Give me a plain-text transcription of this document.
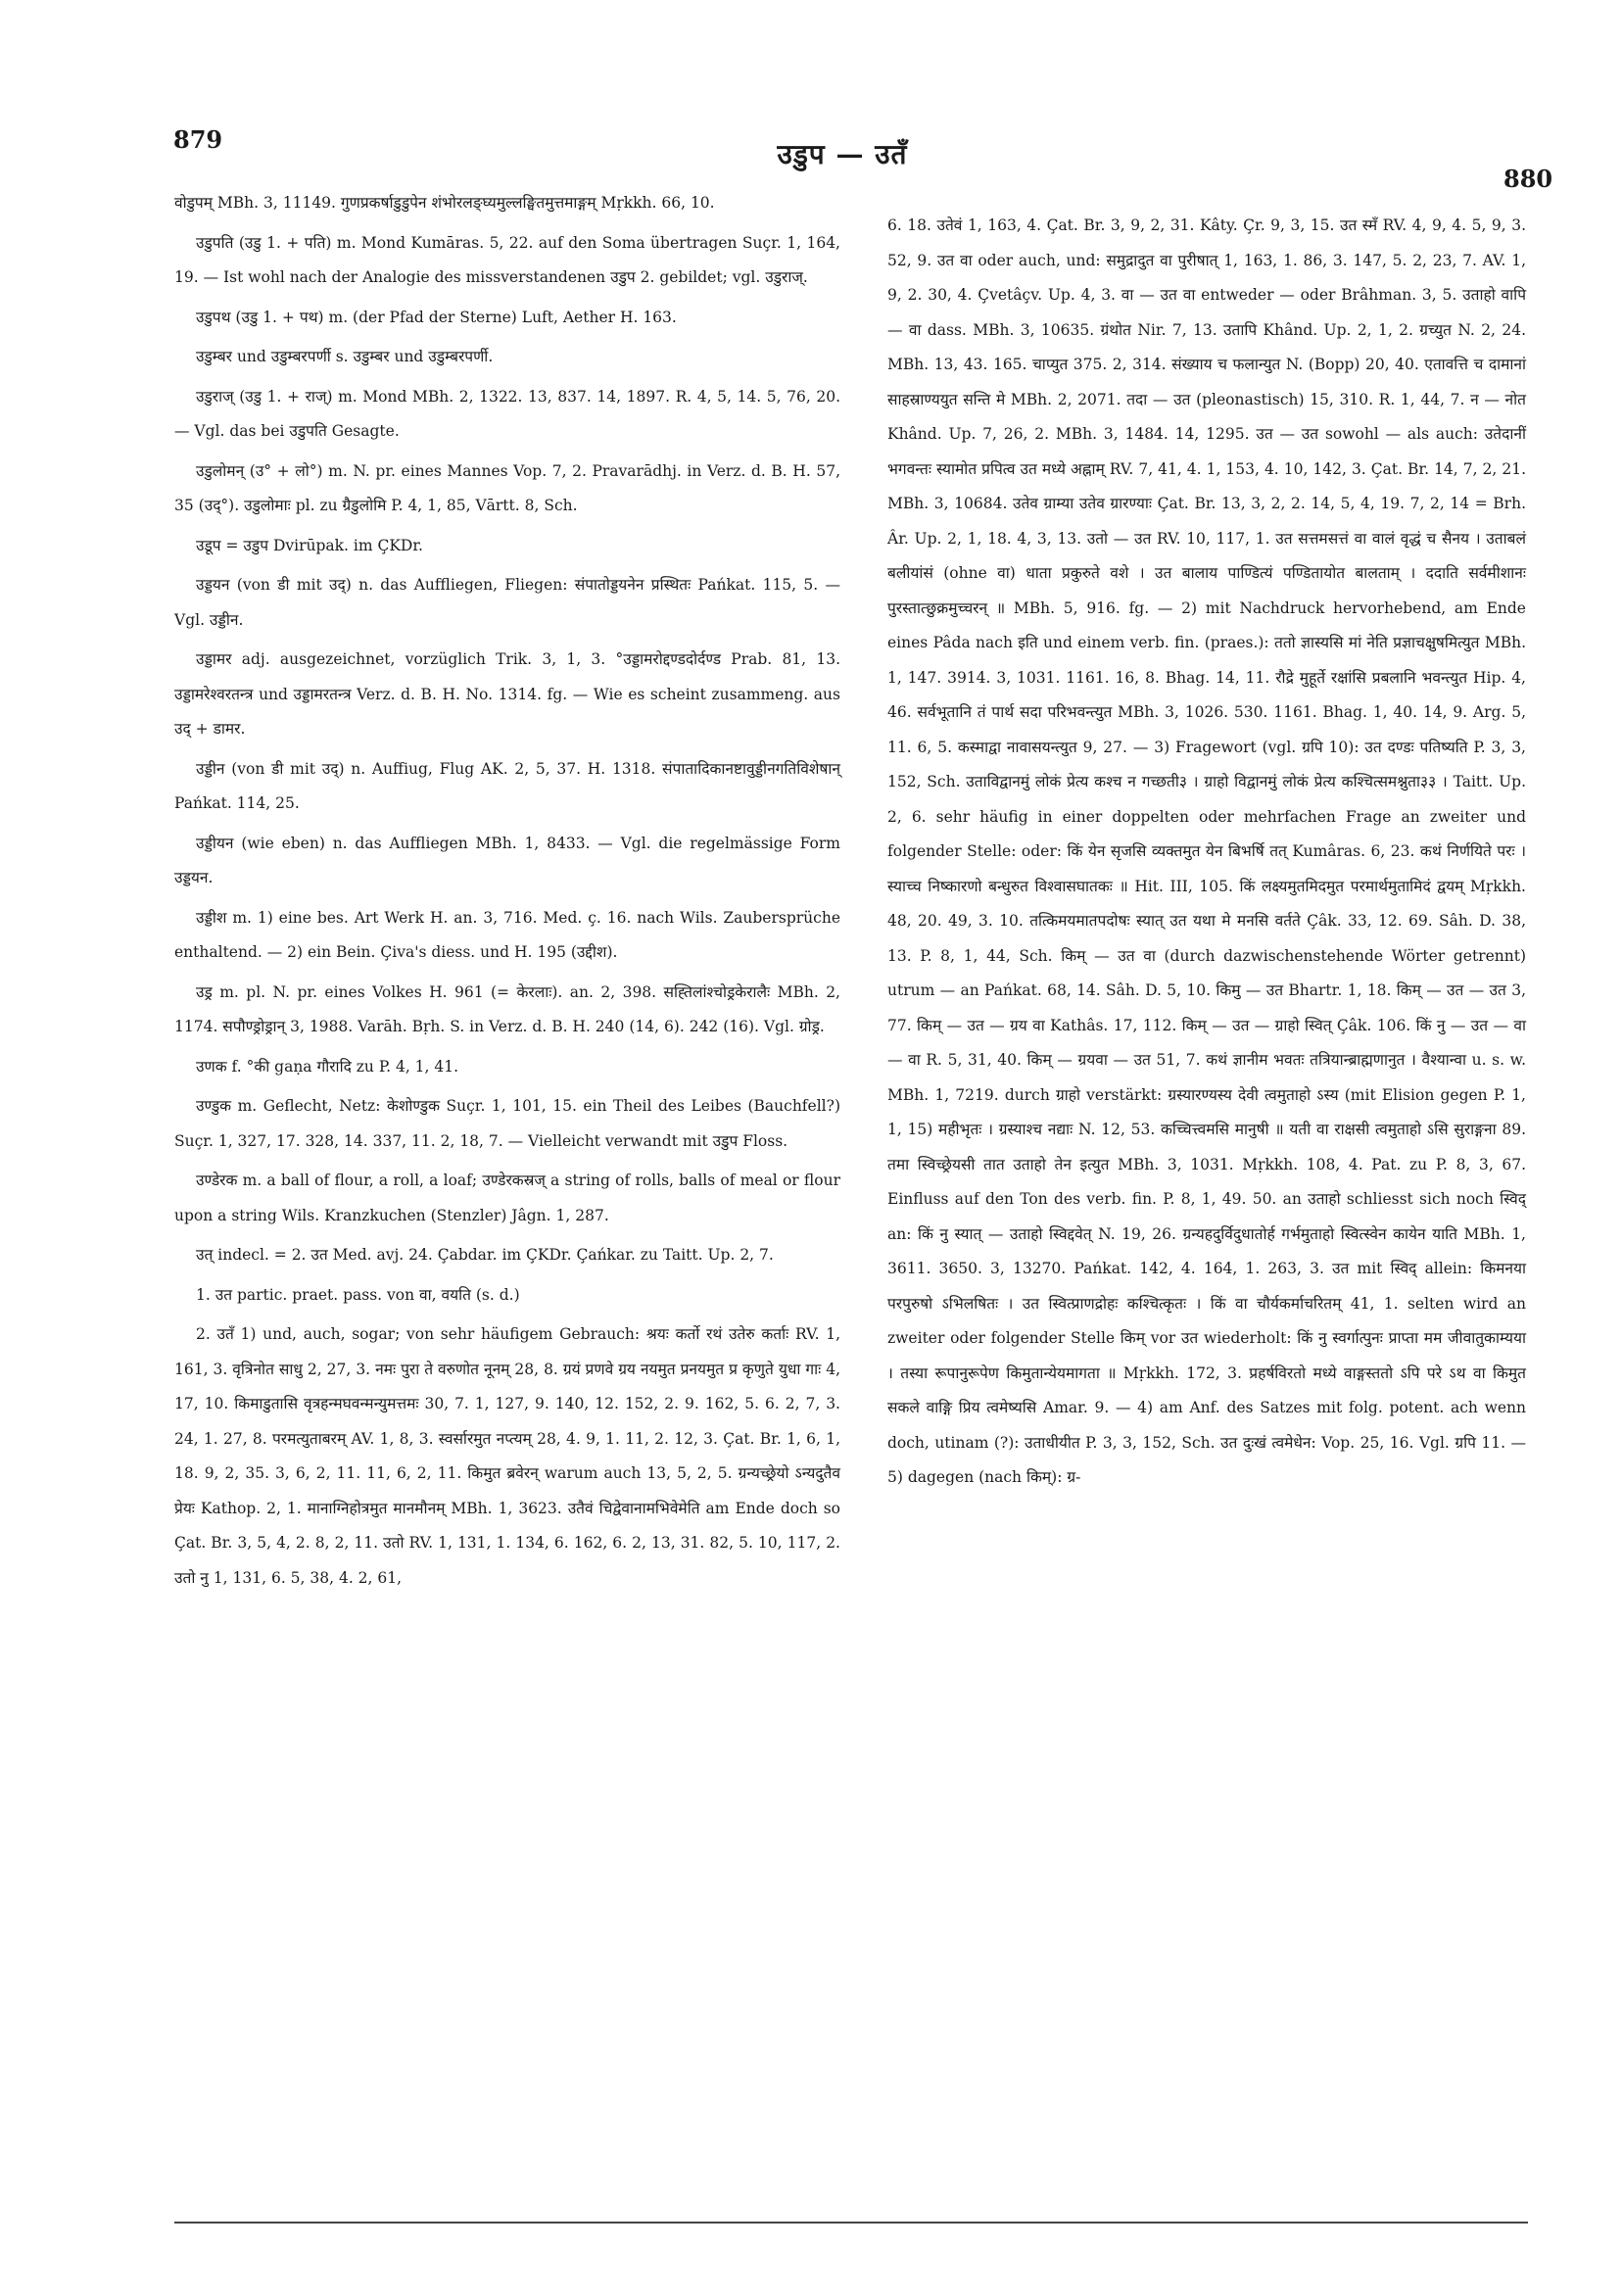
879	उडुप — उतँ
880

वोडुपम् MBh. 3, 11149. गुणप्रकर्षाडुडुपेन शंभोरलङ्घ्यमुल्लङ्घितमुत्तमाङ्गम् Mṛkkh. 66, 10.

उडुपति (उडु 1. + पति) m. Mond Kumāras. 5, 22. auf den Soma übertragen Suçr. 1, 164, 19. — Ist wohl nach der Analogie des missverstandenen उडुप 2. gebildet; vgl. उडुराज्.

उडुपथ (उडु 1. + पथ) m. (der Pfad der Sterne) Luft, Aether H. 163.

उडुम्बर und उडुम्बरपर्णी s. उडुम्बर und उडुम्बरपर्णी.

उडुराज् (उडु 1. + राज्) m. Mond MBh. 2, 1322. 13, 837. 14, 1897. R. 4, 5, 14. 5, 76, 20. — Vgl. das bei उडुपति Gesagte.

उडुलोमन् (उ° + लो°) m. N. pr. eines Mannes Vop. 7, 2. Pravarādhj. in Verz. d. B. H. 57, 35 (उद्°). उडुलोमाः pl. zu ग्रैडुलोमि P. 4, 1, 85, Vārtt. 8, Sch.

उडूप = उडुप Dvirūpak. im ÇKDr.

उड्डयन (von डी mit उद्) n. das Auffliegen, Fliegen: संपातोड्डयनेन प्रस्थितः Pańkat. 115, 5. — Vgl. उड्डीन.

उड्डामर adj. ausgezeichnet, vorzüglich Trik. 3, 1, 3. °उड्डामरोद्दण्डदोर्दण्ड Prab. 81, 13. उड्डामरेश्वरतन्त्र und उड्डामरतन्त्र Verz. d. B. H. No. 1314. fg. — Wie es scheint zusammeng. aus उद् + डामर.

उड्डीन (von डी mit उद्) n. Auffiug, Flug AK. 2, 5, 37. H. 1318. संपातादिकानष्टावुड्डीनगतिविशेषान् Pańkat. 114, 25.

उड्डीयन (wie eben) n. das Auffliegen MBh. 1, 8433. — Vgl. die regelmässige Form उड्डयन.

उड्डीश m. 1) eine bes. Art Werk H. an. 3, 716. Med. ç. 16. nach Wils. Zaubersprüche enthaltend. — 2) ein Bein. Çiva's diess. und H. 195 (उद्दीश).

उड्र m. pl. N. pr. eines Volkes H. 961 (= केरलाः). an. 2, 398. सह्तिलांश्चोड्रकेरालैः MBh. 2, 1174. सपौण्ड्रोड्रान् 3, 1988. Varāh. Bṛh. S. in Verz. d. B. H. 240 (14, 6). 242 (16). Vgl. ग्रोड्र.

उणक f. °की gaṇa गौरादि zu P. 4, 1, 41.

उण्डुक m. Geflecht, Netz: केशोण्डुक Suçr. 1, 101, 15. ein Theil des Leibes (Bauchfell?) Suçr. 1, 327, 17. 328, 14. 337, 11. 2, 18, 7. — Vielleicht verwandt mit उडुप Floss.

उण्डेरक m. a ball of flour, a roll, a loaf; उण्डेरकस्रज् a string of rolls, balls of meal or flour upon a string Wils. Kranzkuchen (Stenzler) Jâgn. 1, 287.

उत् indecl. = 2. उत Med. avj. 24. Çabdar. im ÇKDr. Çańkar. zu Taitt. Up. 2, 7.

1. उत partic. praet. pass. von वा, वयति (s. d.)

2. उतँ 1) und, auch, sogar; von sehr häufigem Gebrauch: श्रयः कर्तो रथं उतेरु कर्ताः RV. 1, 161, 3. वृत्रिनोत साधु 2, 27, 3. नमः पुरा ते वरुणोत नूनम् 28, 8. ग्रयं प्रणवे ग्रय नयमुत प्रनयमुत प्र कृणुते युधा गाः 4, 17, 10. किमाडुतासि वृत्रहन्मघवन्मन्युमत्तमः 30, 7. 1, 127, 9. 140, 12. 152, 2. 9. 162, 5. 6. 2, 7, 3. 24, 1. 27, 8. परमत्युताबरम् AV. 1, 8, 3. स्वर्सारमुत नप्त्यम् 28, 4. 9, 1. 11, 2. 12, 3. Çat. Br. 1, 6, 1, 18. 9, 2, 35. 3, 6, 2, 11. 11, 6, 2, 11. किमुत ब्रवेरन् warum auch 13, 5, 2, 5. ग्रन्यच्छ्रेयो ऽन्यदुतैव प्रेयः Kathop. 2, 1. मानाग्निहोत्रमुत मानमौनम् MBh. 1, 3623. उतैवं चिद्वेवानामभिवेमेति am Ende doch so Çat. Br. 3, 5, 4, 2. 8, 2, 11. उतो RV. 1, 131, 1. 134, 6. 162, 6. 2, 13, 31. 82, 5. 10, 117, 2. उतो नु 1, 131, 6. 5, 38, 4. 2, 61,

6. 18. उतेवं 1, 163, 4. Çat. Br. 3, 9, 2, 31. Kâty. Çr. 9, 3, 15. उत स्मँ RV. 4, 9, 4. 5, 9, 3. 52, 9. उत वा oder auch, und: समुद्रादुत वा पुरीषात् 1, 163, 1. 86, 3. 147, 5. 2, 23, 7. AV. 1, 9, 2. 30, 4. Çvetâçv. Up. 4, 3. वा — उत वा entweder — oder Brâhman. 3, 5. उताहो वापि — वा dass. MBh. 3, 10635. ग्रंथोत Nir. 7, 13. उतापि Khând. Up. 2, 1, 2. ग्रच्युत N. 2, 24. MBh. 13, 43. 165. चाप्युत 375. 2, 314. संख्याय च फलान्युत N. (Bopp) 20, 40. एतावत्ति च दामानां साहस्राण्ययुत सन्ति मे MBh. 2, 2071. तदा — उत (pleonastisch) 15, 310. R. 1, 44, 7. न — नोत Khând. Up. 7, 26, 2. MBh. 3, 1484. 14, 1295. उत — उत sowohl — als auch: उतेदानीं भगवन्तः स्यामोत प्रपित्व उत मध्ये अह्नाम् RV. 7, 41, 4. 1, 153, 4. 10, 142, 3. Çat. Br. 14, 7, 2, 21. MBh. 3, 10684. उतेव ग्राम्या उतेव ग्रारण्याः Çat. Br. 13, 3, 2, 2. 14, 5, 4, 19. 7, 2, 14 = Brh. Âr. Up. 2, 1, 18. 4, 3, 13. उतो — उत RV. 10, 117, 1. उत सत्तमसत्तं वा वालं वृद्धं च सैनय । उताबलं बलीयांसं (ohne वा) धाता प्रकुरुते वशे । उत बालाय पाण्डित्यं पण्डितायोत बालताम् । ददाति सर्वमीशानः पुरस्तात्छुक्रमुच्चरन् ॥ MBh. 5, 916. fg. — 2) mit Nachdruck hervorhebend, am Ende eines Pâda nach इति und einem verb. fin. (praes.): ततो ज्ञास्यसि मां नेति प्रज्ञाचक्षुषमित्युत MBh. 1, 147. 3914. 3, 1031. 1161. 16, 8. Bhag. 14, 11. रौद्रे मुहूर्ते रक्षांसि प्रबलानि भवन्त्युत Hip. 4, 46. सर्वभूतानि तं पार्थ सदा परिभवन्त्युत MBh. 3, 1026. 530. 1161. Bhag. 1, 40. 14, 9. Arg. 5, 11. 6, 5. कस्माद्वा नावासयन्त्युत 9, 27. — 3) Fragewort (vgl. ग्रपि 10): उत दण्डः पतिष्यति P. 3, 3, 152, Sch. उताविद्वानमुं लोकं प्रेत्य कश्च न गच्छती३ । ग्राहो विद्वानमुं लोकं प्रेत्य कश्चित्समश्नुता३३ । Taitt. Up. 2, 6. sehr häufig in einer doppelten oder mehrfachen Frage an zweiter und folgender Stelle: oder: किं येन सृजसि व्यक्तमुत येन बिभर्षि तत् Kumâras. 6, 23. कथं निर्णयिते परः । स्याच्च निष्कारणो बन्धुरुत विश्वासघातकः ॥ Hit. III, 105. किं लक्ष्यमुतमिदमुत परमार्थमुतामिदं द्वयम् Mṛkkh. 48, 20. 49, 3. 10. तत्किमयमातपदोषः स्यात् उत यथा मे मनसि वर्तते Çâk. 33, 12. 69. Sâh. D. 38, 13. P. 8, 1, 44, Sch. किम् — उत वा (durch dazwischenstehende Wörter getrennt) utrum — an Pańkat. 68, 14. Sâh. D. 5, 10. किमु — उत Bhartr. 1, 18. किम् — उत — उत 3, 77. किम् — उत — ग्रय वा Kathâs. 17, 112. किम् — उत — ग्राहो स्वित् Çâk. 106. किं नु — उत — वा — वा R. 5, 31, 40. किम् — ग्रयवा — उत 51, 7. कथं ज्ञानीम भवतः तत्रियान्ब्राह्मणानुत । वैश्यान्वा u. s. w. MBh. 1, 7219. durch ग्राहो verstärkt: ग्रस्यारण्यस्य देवी त्वमुताहो ऽस्य (mit Elision gegen P. 1, 1, 15) महीभृतः । ग्रस्याश्च नद्याः N. 12, 53. कच्चित्त्वमसि मानुषी ॥ यती वा राक्षसी त्वमुताहो ऽसि सुराङ्गना 89. तमा स्विच्छ्रेयसी तात उताहो तेन इत्युत MBh. 3, 1031. Mṛkkh. 108, 4. Pat. zu P. 8, 3, 67. Einfluss auf den Ton des verb. fin. P. 8, 1, 49. 50. an उताहो schliesst sich noch स्विद् an: किं नु स्यात् — उताहो स्विद्दवेत् N. 19, 26. ग्रन्यहदुर्विदुधातोर्ह गर्भमुताहो स्वित्स्वेन कायेन याति MBh. 1, 3611. 3650. 3, 13270. Pańkat. 142, 4. 164, 1. 263, 3. उत mit स्विद् allein: किमनया परपुरुषो ऽभिलषितः । उत स्वित्प्राणद्रोहः कश्चित्कृतः । किं वा चौर्यकर्माचरितम् 41, 1. selten wird an zweiter oder folgender Stelle किम् vor उत wiederholt: किं नु स्वर्गात्पुनः प्राप्ता मम जीवातुकाम्यया । तस्या रूपानुरूपेण किमुतान्येयमागता ॥ Mṛkkh. 172, 3. प्रहर्षविरतो मध्ये वाङ्गस्ततो ऽपि परे ऽथ वा किमुत सकले वाङ्गि प्रिय त्वमेष्यसि Amar. 9. — 4) am Anf. des Satzes mit folg. potent. ach wenn doch, utinam (?): उताधीयीत P. 3, 3, 152, Sch. उत दुःखं त्वमेधेन: Vop. 25, 16. Vgl. ग्रपि 11. — 5) dagegen (nach किम्): ग्र-
